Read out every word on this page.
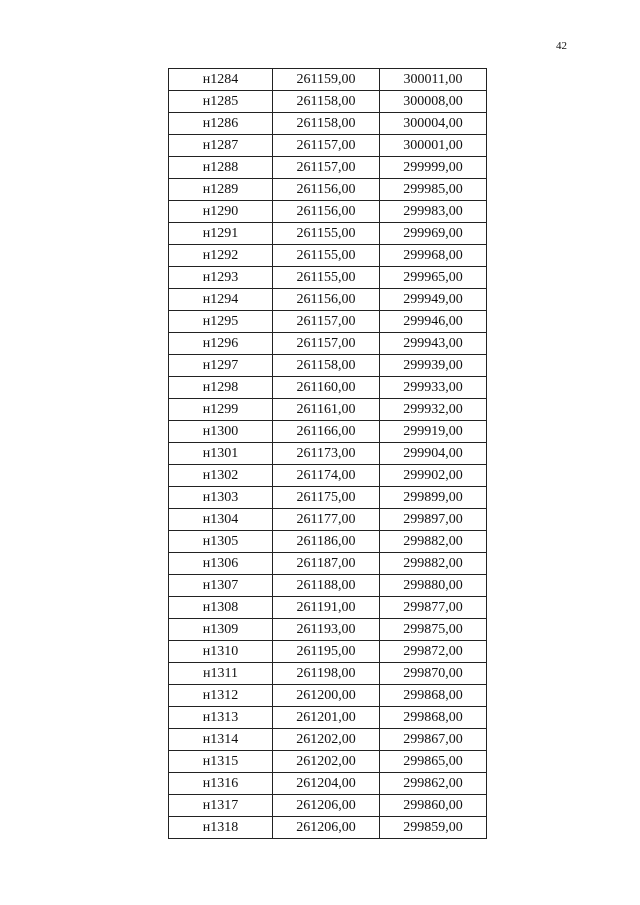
42
н1284	261159,00	300011,00
н1285	261158,00	300008,00
н1286	261158,00	300004,00
н1287	261157,00	300001,00
н1288	261157,00	299999,00
н1289	261156,00	299985,00
н1290	261156,00	299983,00
н1291	261155,00	299969,00
н1292	261155,00	299968,00
н1293	261155,00	299965,00
н1294	261156,00	299949,00
н1295	261157,00	299946,00
н1296	261157,00	299943,00
н1297	261158,00	299939,00
н1298	261160,00	299933,00
н1299	261161,00	299932,00
н1300	261166,00	299919,00
н1301	261173,00	299904,00
н1302	261174,00	299902,00
н1303	261175,00	299899,00
н1304	261177,00	299897,00
н1305	261186,00	299882,00
н1306	261187,00	299882,00
н1307	261188,00	299880,00
н1308	261191,00	299877,00
н1309	261193,00	299875,00
н1310	261195,00	299872,00
н1311	261198,00	299870,00
н1312	261200,00	299868,00
н1313	261201,00	299868,00
н1314	261202,00	299867,00
н1315	261202,00	299865,00
н1316	261204,00	299862,00
н1317	261206,00	299860,00
н1318	261206,00	299859,00
